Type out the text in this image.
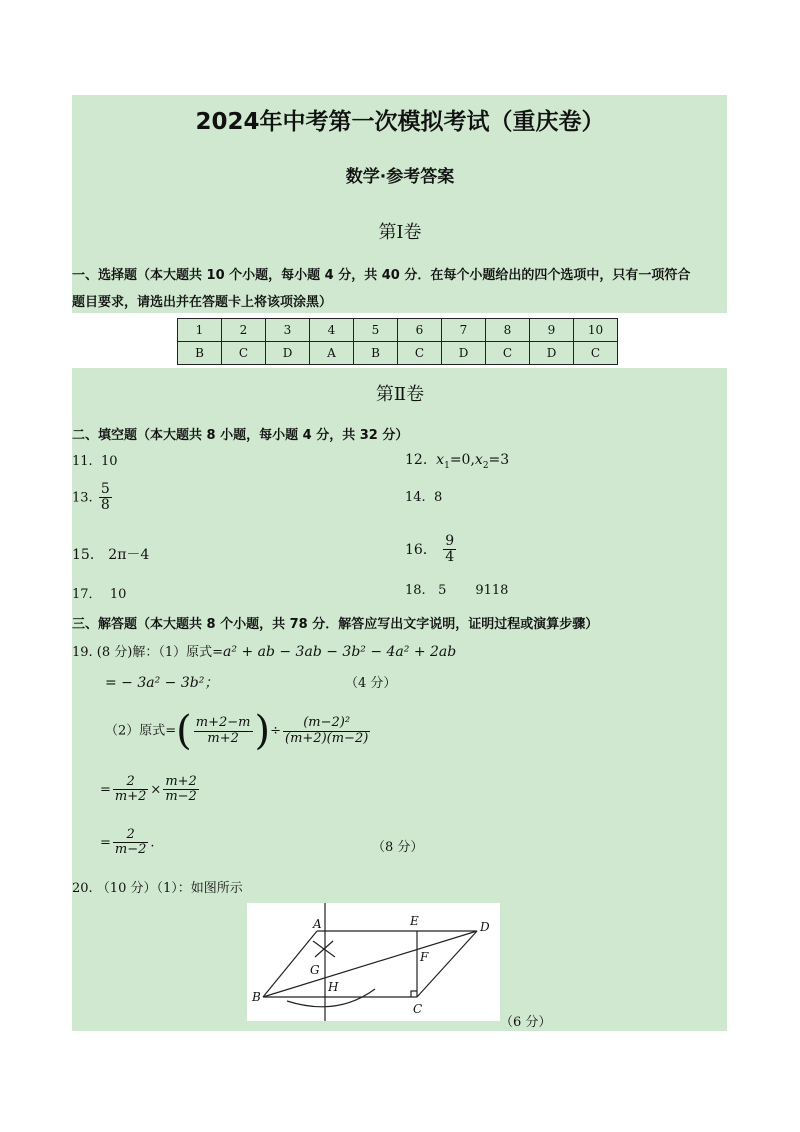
2024年中考第一次模拟考试（重庆卷）
数学·参考答案
第Ⅰ卷
一、选择题（本大题共 10 个小题，每小题 4 分，共 40 分．在每个小题给出的四个选项中，只有一项符合
题目要求，请选出并在答题卡上将该项涂黑）
1	2	3	4	5	6	7	8	9	10
B	C	D	A	B	C	D	C	D	C
第Ⅱ卷
二、填空题（本大题共 8 小题，每小题 4 分，共 32 分）
11. 10	12. $x_1=0,x_2=3$
13. $\frac{5}{8}$	14. 8
15． 2π－4	16． $\frac{9}{4}$
17． 10	18. 5 9118
三、解答题（本大题共 8 个小题，共 78 分．解答应写出文字说明，证明过程或演算步骤）
19. (8 分)解：（1）原式=a² + ab − 3ab − 3b² − 4a² + 2ab
= − 3a² − 3b²；	（4 分）
（2）原式=( $\frac{m+2-m}{m+2}$ )÷ $\frac{\text{(m−2)²}}{(m+2)(m-2)}$
= $\frac{2}{m+2} \times \frac{m+2}{m-2}$
= $\frac{2}{m-2}$ .	（8 分）
20. （10 分）（1）：如图所示
A	E	D
G
F
H
B
C
（6 分）
